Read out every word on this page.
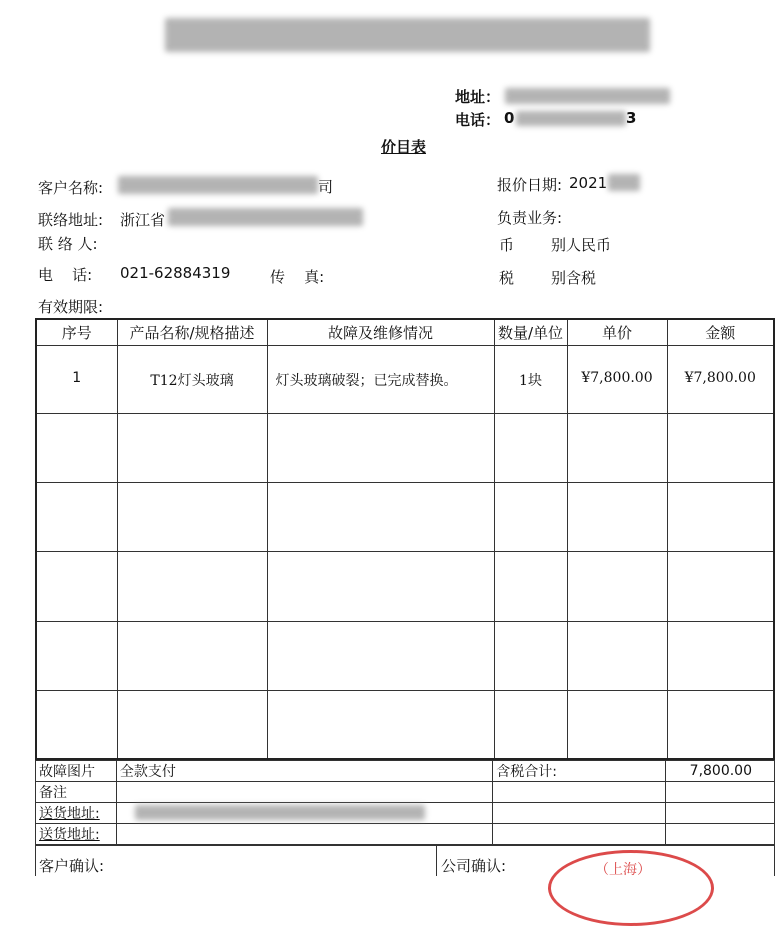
地址：
电话： 0	3
价目表
客户名称:	司
联络地址: 浙江省
联 络 人:
电    话: 021-62884319	传    真:
有效期限:
报价日期: 2021
负责业务:
币 别人民币
税 别含税
序号	产品名称/规格描述	故障及维修情况	数量/单位	单价	金额
1	T12灯头玻璃	灯头玻璃破裂；已完成替换。	1块	¥7,800.00	¥7,800.00

故障图片	全款支付	含税合计:	7,800.00
备注			
送货地址:	

送货地址:			
客户确认:	公司确认:	（上海）
